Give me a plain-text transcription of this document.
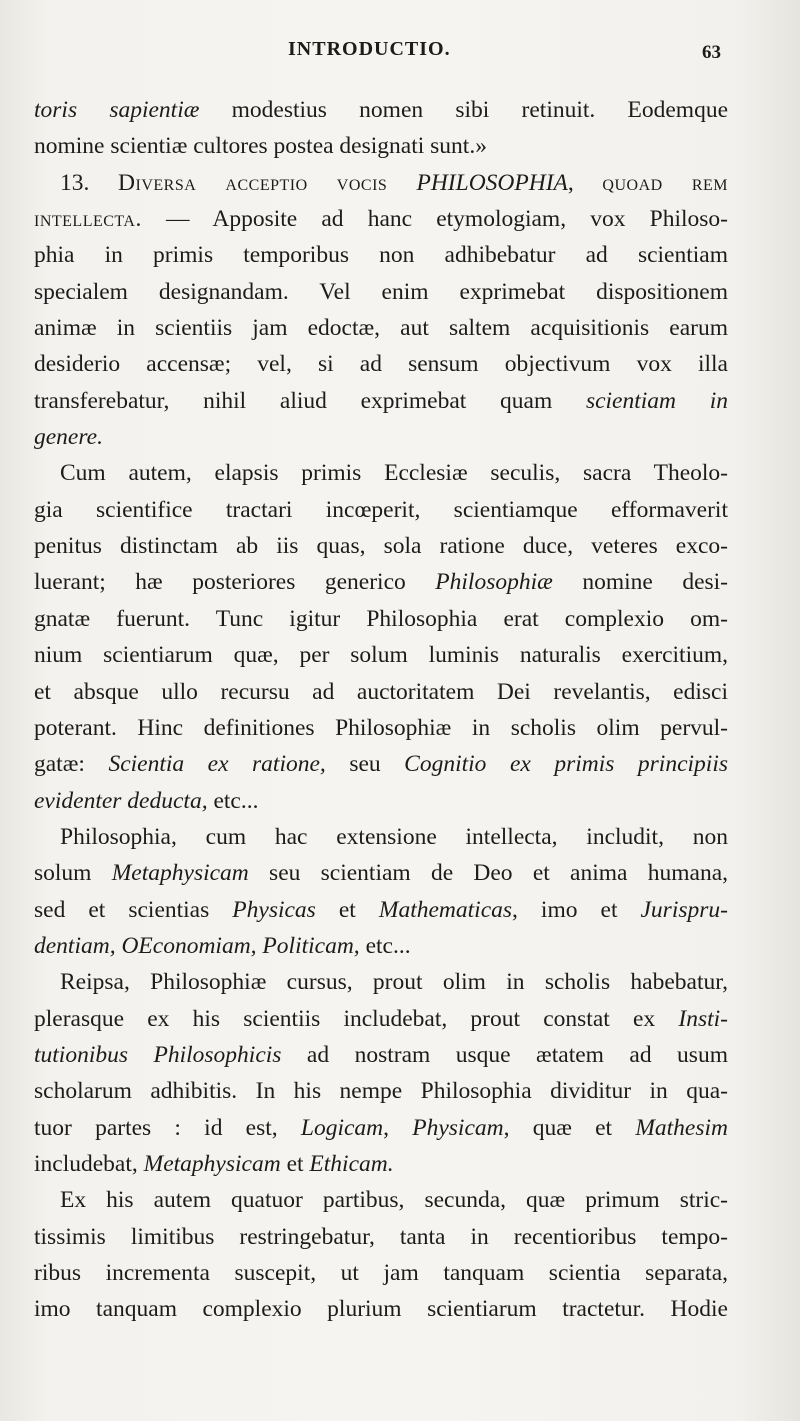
INTRODUCTIO.	63
toris sapientiæ modestius nomen sibi retinuit. Eodemque
nomine scientiæ cultores postea designati sunt.»
13. Diversa acceptio vocis PHILOSOPHIA, quoad rem
intellecta. — Apposite ad hanc etymologiam, vox Philoso-
phia in primis temporibus non adhibebatur ad scientiam
specialem designandam. Vel enim exprimebat dispositionem
animæ in scientiis jam edoctæ, aut saltem acquisitionis earum
desiderio accensæ; vel, si ad sensum objectivum vox illa
transferebatur, nihil aliud exprimebat quam scientiam in
genere.
Cum autem, elapsis primis Ecclesiæ seculis, sacra Theolo-
gia scientifice tractari incœperit, scientiamque efformaverit
penitus distinctam ab iis quas, sola ratione duce, veteres exco-
luerant; hæ posteriores generico Philosophiæ nomine desi-
gnatæ fuerunt. Tunc igitur Philosophia erat complexio om-
nium scientiarum quæ, per solum luminis naturalis exercitium,
et absque ullo recursu ad auctoritatem Dei revelantis, edisci
poterant. Hinc definitiones Philosophiæ in scholis olim pervul-
gatæ: Scientia ex ratione, seu Cognitio ex primis principiis
evidenter deducta, etc...
Philosophia, cum hac extensione intellecta, includit, non
solum Metaphysicam seu scientiam de Deo et anima humana,
sed et scientias Physicas et Mathematicas, imo et Jurispru-
dentiam, OEconomiam, Politicam, etc...
Reipsa, Philosophiæ cursus, prout olim in scholis habebatur,
plerasque ex his scientiis includebat, prout constat ex Insti-
tutionibus Philosophicis ad nostram usque ætatem ad usum
scholarum adhibitis. In his nempe Philosophia dividitur in qua-
tuor partes : id est, Logicam, Physicam, quæ et Mathesim
includebat, Metaphysicam et Ethicam.
Ex his autem quatuor partibus, secunda, quæ primum stric-
tissimis limitibus restringebatur, tanta in recentioribus tempo-
ribus incrementa suscepit, ut jam tanquam scientia separata,
imo tanquam complexio plurium scientiarum tractetur. Hodie
